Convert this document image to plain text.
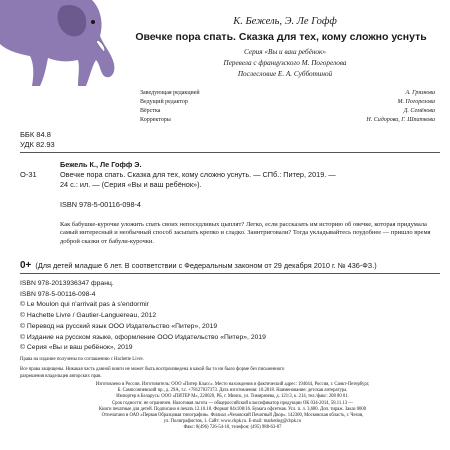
К. Бежель, Э. Ле Гофф
Овечке пора спать. Сказка для тех, кому сложно уснуть
Серия «Вы и ваш ребёнок»
Перевела с французского М. Погорелова
Послесловие Е. А. Субботиной
Заведующая редакцией	А. Грязнова
Ведущий редактор	М. Погорелова
Вёрстка	Д. Семёнова
Корректоры	Н. Сидорова, Г. Шпаткова
ББК 84.8
УДК 82.93
О-31
Бежель К., Ле Гофф Э.
Овечке пора спать. Сказка для тех, кому сложно уснуть. — СПб.: Питер, 2019. —
24 с.: ил. — (Серия «Вы и ваш ребёнок»).
ISBN 978-5-00116-098-4
Как бабушке-курочке уложить спать своих непоседливых цыплят? Легко, если рассказать им историю об овечке, которая придумала самый интересный и необычный способ засыпать крепко и сладко. Заинтриговали? Тогда укладывайтесь поудобнее — пришло время доброй сказки от бабули-курочки.
0+ (Для детей младше 6 лет. В соответствии с Федеральным законом от 29 декабря 2010 г. № 436-ФЗ.)
ISBN 978-2013936347 франц.
ISBN 978-5-00116-098-4
© Le Moulon qui n'arrivait pas à s'endormir
© Hachette Livre / Gautier-Languereau, 2012
© Перевод на русский язык ООО Издательство «Питер», 2019
© Издание на русском языке, оформление ООО Издательство «Питер», 2019
© Серия «Вы и ваш ребёнок», 2019
Права на издание получены по соглашению с Hachette Livre.
Все права защищены. Никакая часть данной книги не может быть воспроизведена в какой бы то ни было форме без письменного
разрешения владельцев авторских прав.
Изготовлено в России. Изготовитель: ООО «Питер Класс». Место нахождения и фактический адрес: 194044, Россия, г. Санкт-Петербург,
Б. Сампсониевский пр., д. 29А, т.с. +78127037373. Дата изготовления: 10.2018. Наименование: детская литература.
Импортер в Беларусь: ООО «ПИТЕР М», 220020, РБ, г. Минск, ул. Тимирязева, д. 121/3, к. 214, тел./факс: 208 80 01.
Срок годности: не ограничен. Налоговая льгота — общероссийский классификатор продукции ОК 034-2014, 58.11.13 —
Книги печатные для детей. Подписано в печать 12.10.18. Формат 84х108/16. Бумага офсетная. Усл. п. л. 3,680. Доп. тираж. Заказ 0000
Отпечатано в ОАО «Первая Образцовая типография». Филиал «Чеховский Печатный Двор». 142300, Московская область, г. Чехов,
ул. Полиграфистов, 1. Сайт: www.chpk.ru. E-mail: marketing@chpk.ru
Факс: 8(496) 726-54-10, телефон: (495) 988-63-87
